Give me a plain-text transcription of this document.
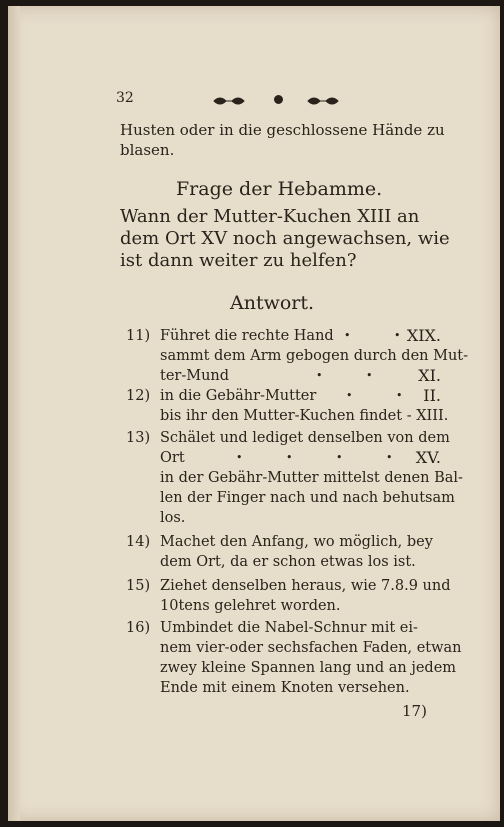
32
Husten oder in die geschlossene Hände zu
blasen.
Frage der Hebamme.
Wann der Mutter-Kuchen XIII an
dem Ort XV noch angewachsen, wie
ist dann weiter zu helfen?
Antwort.
11) Führet die rechte Hand • •
XIX.
sammt dem Arm gebogen durch den Mut-
ter-Mund	• • XI.
12) in die Gebähr-Mutter	• • II.
bis ihr den Mutter-Kuchen findet - XIII.
13) Schälet und lediget denselben von dem
Ort	• • • • XV.
in der Gebähr-Mutter mittelst denen Bal-
len der Finger nach und nach behutsam
los.
14) Machet den Anfang, wo möglich, bey
dem Ort, da er schon etwas los ist.
15) Ziehet denselben heraus, wie 7.8.9 und
10tens gelehret worden.
16) Umbindet die Nabel-Schnur mit ei-
nem vier-oder sechsfachen Faden, etwan
zwey kleine Spannen lang und an jedem
Ende mit einem Knoten versehen.
17)
